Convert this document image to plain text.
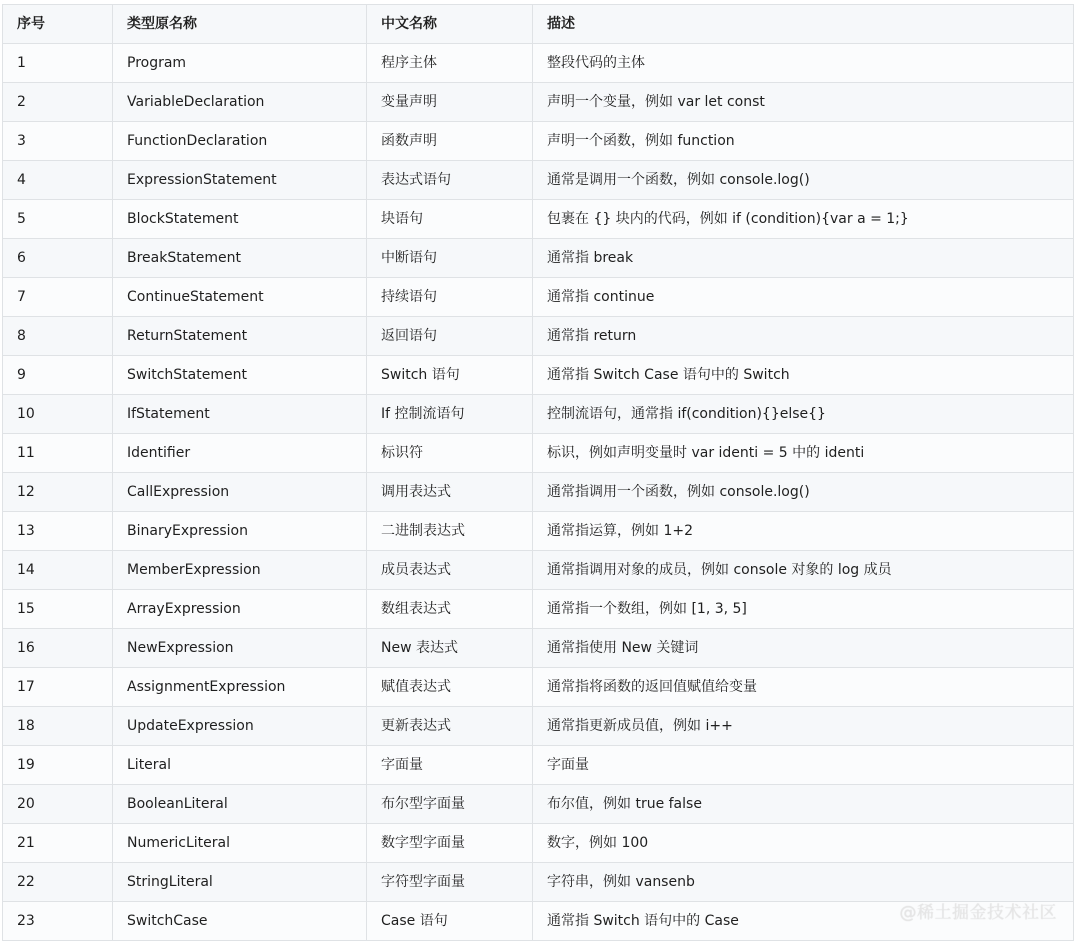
序号	类型原名称	中文名称	描述
1	Program	程序主体	整段代码的主体
2	VariableDeclaration	变量声明	声明一个变量，例如 var let const
3	FunctionDeclaration	函数声明	声明一个函数，例如 function
4	ExpressionStatement	表达式语句	通常是调用一个函数，例如 console.log()
5	BlockStatement	块语句	包裹在 {} 块内的代码，例如 if (condition){var a = 1;}
6	BreakStatement	中断语句	通常指 break
7	ContinueStatement	持续语句	通常指 continue
8	ReturnStatement	返回语句	通常指 return
9	SwitchStatement	Switch 语句	通常指 Switch Case 语句中的 Switch
10	IfStatement	If 控制流语句	控制流语句，通常指 if(condition){}else{}
11	Identifier	标识符	标识，例如声明变量时 var identi = 5 中的 identi
12	CallExpression	调用表达式	通常指调用一个函数，例如 console.log()
13	BinaryExpression	二进制表达式	通常指运算，例如 1+2
14	MemberExpression	成员表达式	通常指调用对象的成员，例如 console 对象的 log 成员
15	ArrayExpression	数组表达式	通常指一个数组，例如 [1, 3, 5]
16	NewExpression	New 表达式	通常指使用 New 关键词
17	AssignmentExpression	赋值表达式	通常指将函数的返回值赋值给变量
18	UpdateExpression	更新表达式	通常指更新成员值，例如 i++
19	Literal	字面量	字面量
20	BooleanLiteral	布尔型字面量	布尔值，例如 true false
21	NumericLiteral	数字型字面量	数字，例如 100
22	StringLiteral	字符型字面量	字符串，例如 vansenb
23	SwitchCase	Case 语句	通常指 Switch 语句中的 Case	@稀土掘金技术社区
